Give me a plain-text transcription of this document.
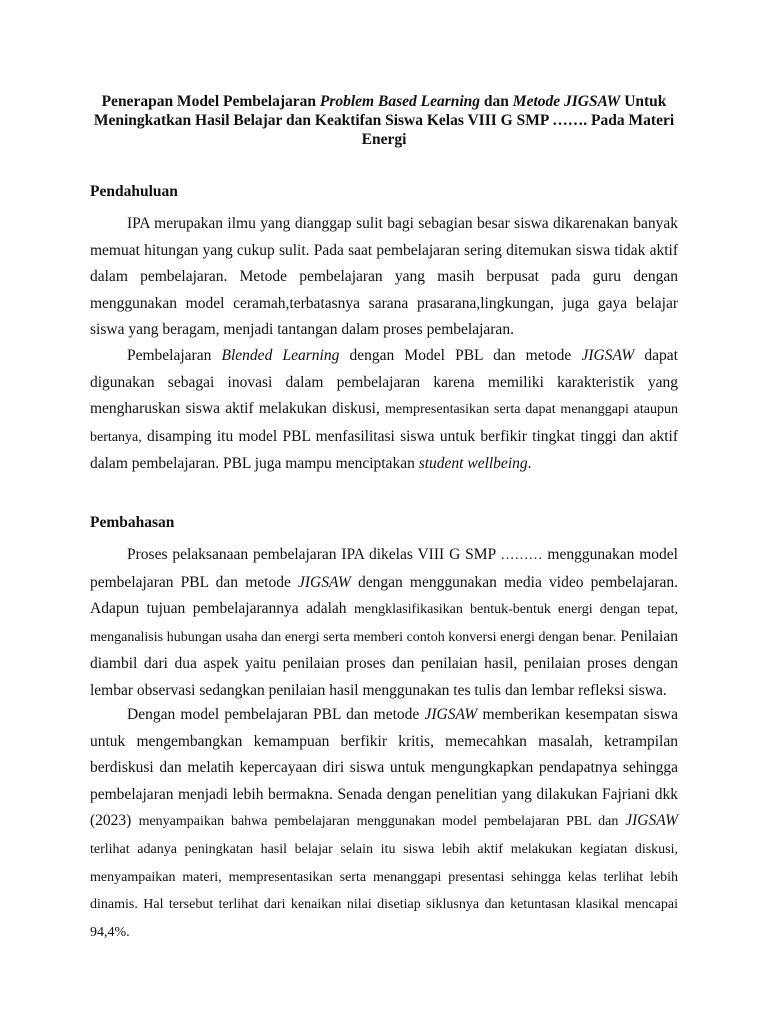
Penerapan Model Pembelajaran Problem Based Learning dan Metode JIGSAW Untuk Meningkatkan Hasil Belajar dan Keaktifan Siswa Kelas VIII G SMP ……. Pada Materi Energi
Pendahuluan

IPA merupakan ilmu yang dianggap sulit bagi sebagian besar siswa dikarenakan banyak memuat hitungan yang cukup sulit. Pada saat pembelajaran sering ditemukan siswa tidak aktif dalam pembelajaran. Metode pembelajaran yang masih berpusat pada guru dengan menggunakan model ceramah,terbatasnya sarana prasarana,lingkungan, juga gaya belajar siswa yang beragam, menjadi tantangan dalam proses pembelajaran.

Pembelajaran Blended Learning dengan Model PBL dan metode JIGSAW dapat digunakan sebagai inovasi dalam pembelajaran karena memiliki karakteristik yang mengharuskan siswa aktif melakukan diskusi, mempresentasikan serta dapat menanggapi ataupun bertanya, disamping itu model PBL menfasilitasi siswa untuk berfikir tingkat tinggi dan aktif dalam pembelajaran. PBL juga mampu menciptakan student wellbeing.

Pembahasan

Proses pelaksanaan pembelajaran IPA dikelas VIII G SMP ……… menggunakan model pembelajaran PBL dan metode JIGSAW dengan menggunakan media video pembelajaran. Adapun tujuan pembelajarannya adalah mengklasifikasikan bentuk-bentuk energi dengan tepat, menganalisis hubungan usaha dan energi serta memberi contoh konversi energi dengan benar. Penilaian diambil dari dua aspek yaitu penilaian proses dan penilaian hasil, penilaian proses dengan lembar observasi sedangkan penilaian hasil menggunakan tes tulis dan lembar refleksi siswa.

Dengan model pembelajaran PBL dan metode JIGSAW memberikan kesempatan siswa untuk mengembangkan kemampuan berfikir kritis, memecahkan masalah, ketrampilan berdiskusi dan melatih kepercayaan diri siswa untuk mengungkapkan pendapatnya sehingga pembelajaran menjadi lebih bermakna. Senada dengan penelitian yang dilakukan Fajriani dkk (2023) menyampaikan bahwa pembelajaran menggunakan model pembelajaran PBL dan JIGSAW terlihat adanya peningkatan hasil belajar selain itu siswa lebih aktif melakukan kegiatan diskusi, menyampaikan materi, mempresentasikan serta menanggapi presentasi sehingga kelas terlihat lebih dinamis. Hal tersebut terlihat dari kenaikan nilai disetiap siklusnya dan ketuntasan klasikal mencapai 94,4%.
